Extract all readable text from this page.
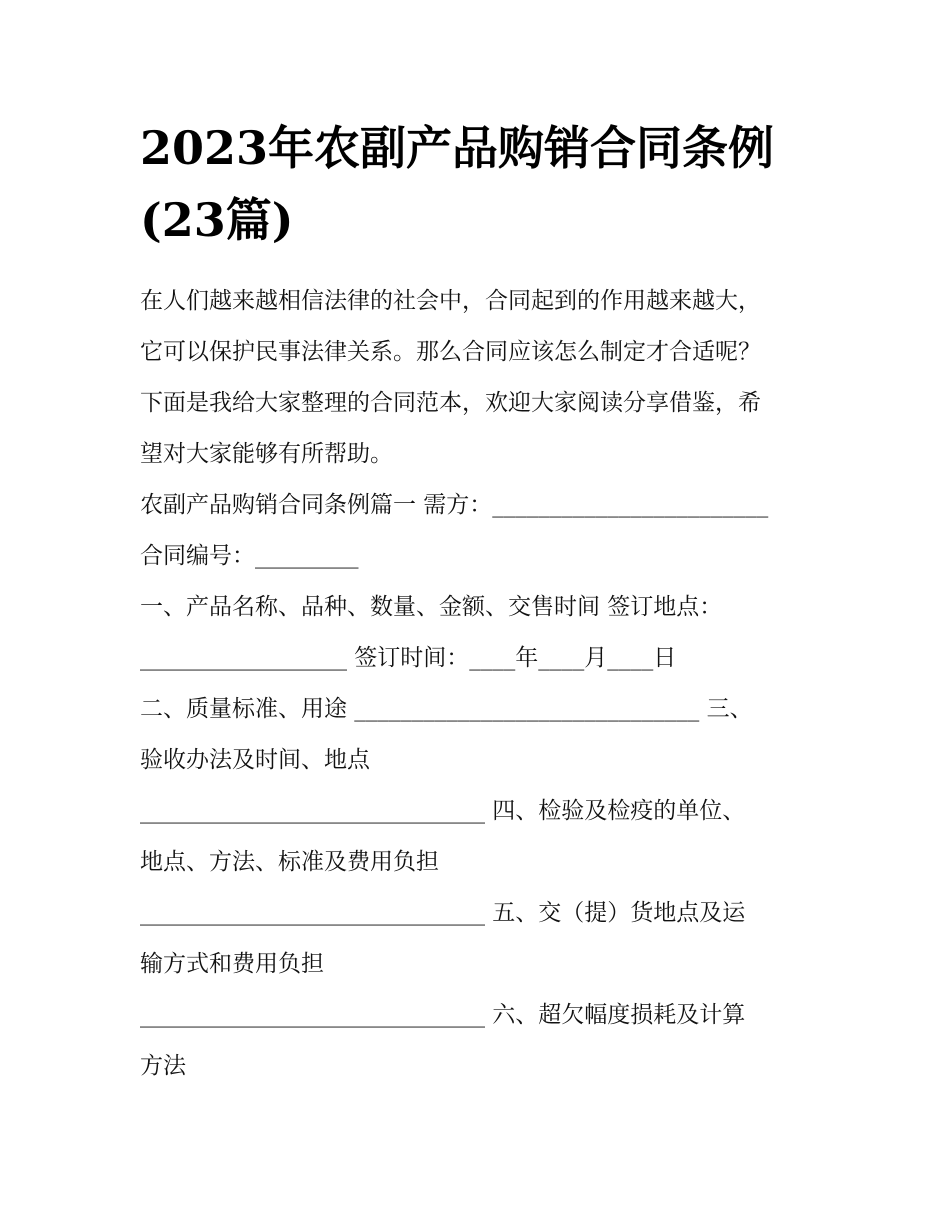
2023年农副产品购销合同条例
(23篇)
在人们越来越相信法律的社会中，合同起到的作用越来越大，
它可以保护民事法律关系。那么合同应该怎么制定才合适呢？
下面是我给大家整理的合同范本，欢迎大家阅读分享借鉴，希
望对大家能够有所帮助。
农副产品购销合同条例篇一 需方：________________________
合同编号：_________
一、产品名称、品种、数量、金额、交售时间 签订地点：
__________________ 签订时间：____年____月____日
二、质量标准、用途 ______________________________ 三、
验收办法及时间、地点
______________________________ 四、检验及检疫的单位、
地点、方法、标准及费用负担
______________________________ 五、交（提）货地点及运
输方式和费用负担
______________________________ 六、超欠幅度损耗及计算
方法
